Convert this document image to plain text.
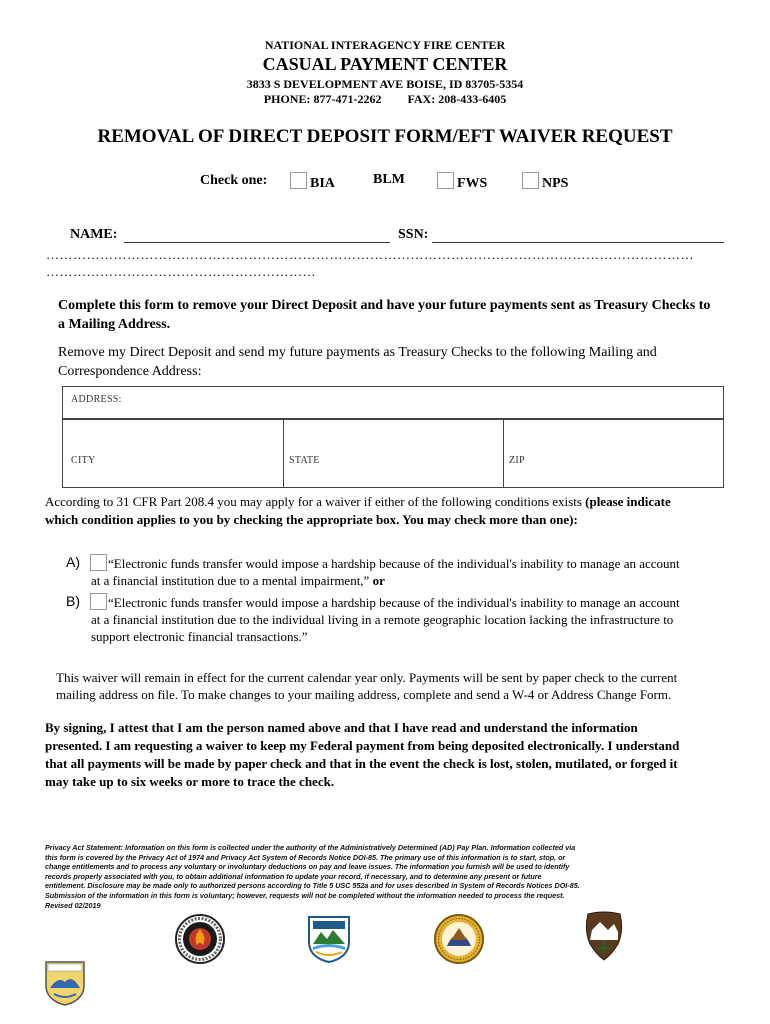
NATIONAL INTERAGENCY FIRE CENTER
CASUAL PAYMENT CENTER
3833 S DEVELOPMENT AVE BOISE, ID 83705-5354
PHONE: 877-471-2262 FAX: 208-433-6405
REMOVAL OF DIRECT DEPOSIT FORM/EFT WAIVER REQUEST
Check one:	BIA	BLM	FWS	NPS
NAME:	SSN:
………………………………………………………………………………………………………………………………
……………………………………………………
Complete this form to remove your Direct Deposit and have your future payments sent as Treasury Checks to a Mailing Address.
Remove my Direct Deposit and send my future payments as Treasury Checks to the following Mailing and
Correspondence Address:
ADDRESS:
CITY	STATE	ZIP
According to 31 CFR Part 208.4 you may apply for a waiver if either of the following conditions exists (please indicate
which condition applies to you by checking the appropriate box. You may check more than one):
A) “Electronic funds transfer would impose a hardship because of the individual's inability to manage an account
at a financial institution due to a mental impairment,” or
B) “Electronic funds transfer would impose a hardship because of the individual's inability to manage an account
at a financial institution due to the individual living in a remote geographic location lacking the infrastructure to
support electronic financial transactions.”
This waiver will remain in effect for the current calendar year only. Payments will be sent by paper check to the current
mailing address on file. To make changes to your mailing address, complete and send a W-4 or Address Change Form.
By signing, I attest that I am the person named above and that I have read and understand the information
presented. I am requesting a waiver to keep my Federal payment from being deposited electronically. I understand
that all payments will be made by paper check and that in the event the check is lost, stolen, mutilated, or forged it
may take up to six weeks or more to trace the check.
Privacy Act Statement: Information on this form is collected under the authority of the Administratively Determined (AD) Pay Plan. Information collected via
this form is covered by the Privacy Act of 1974 and Privacy Act System of Records Notice DOI-85. The primary use of this information is to start, stop, or
change entitlements and to process any voluntary or involuntary deductions on pay and leave issues. The information you furnish will be used to identify
records properly associated with you, to obtain additional information to update your record, if necessary, and to determine any present or future
entitlement. Disclosure may be made only to authorized persons according to Title 5 USC 552a and for uses described in System of Records Notices DOI-85.
Submission of the information in this form is voluntary; however, requests will not be completed without the information needed to process the request.
Revised 02/2019
